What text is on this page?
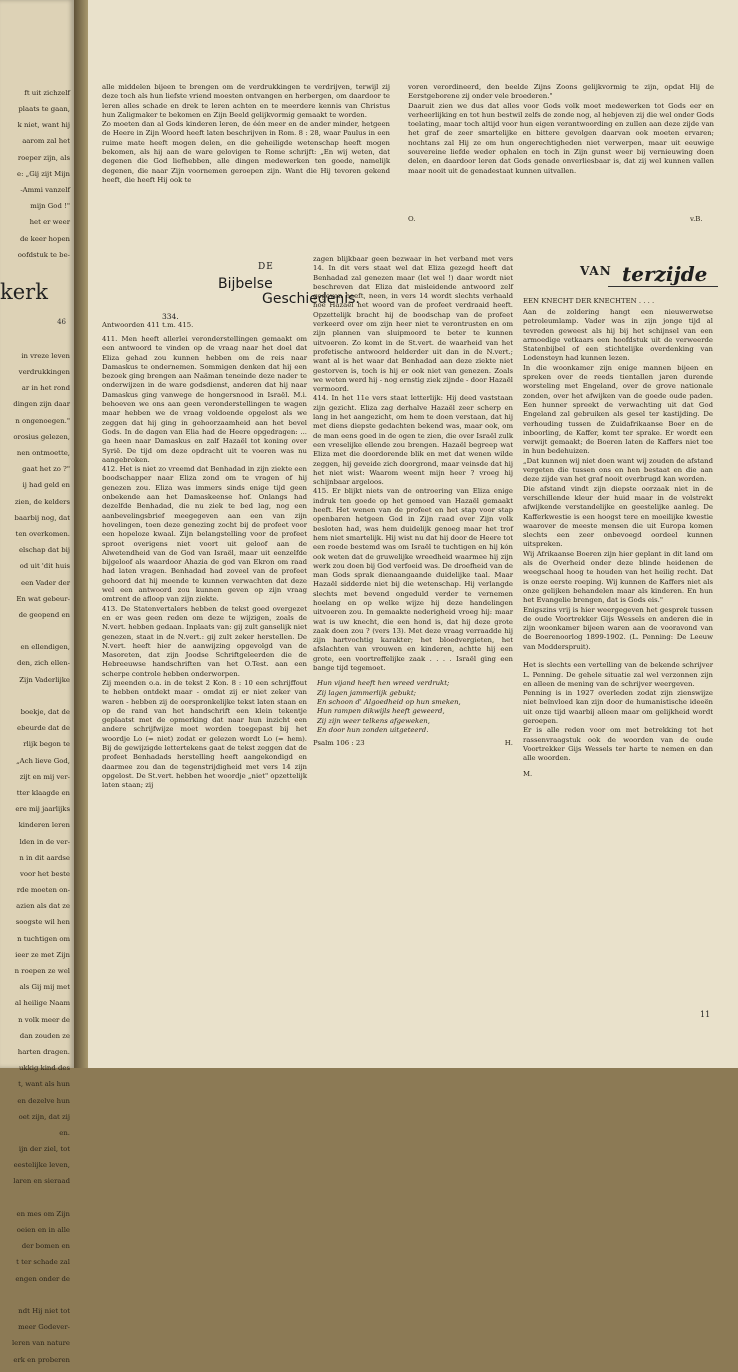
ft uit zichzelf

plaats te gaan,

k niet, want hij

aarom zal het

roeper zijn, als

e: „Gij zijt Mijn

-Ammi vanzelf

mijn God !"

het er weer

de keer hopen

oofdstuk te be-

kerk
46

in vreze leven

verdrukkingen

ar in het rond

dingen zijn daar

n ongenoegen."

orosius gelezen,

nen ontmoette,

gaat het zo ?"

ij had geld en

zien, de kelders

baarbij nog, dat

ten overkomen.

elschap dat bij

od uit 'dit huis

een Vader der

En wat gebeur-

de geopend en

en ellendigen,

den, zich ellen-

Zijn Vaderlijke

boekje, dat de

ebeurde dat de

rlijk begon te

„Ach lieve God,

zijt en mij ver-

tter klaagde en

ere mij jaarlijks

kinderen leren

lden in de ver-

n in dit aardse

voor het beste

rde moeten on-

azien als dat ze

soogste wil hen

n tuchtigen om

ieer ze met Zijn

n roepen ze wel

als Gij mij met

al heilige Naam

n volk meer de

dan zouden ze

harten dragen.

ukkig kind des

t, want als hun

en dezelve hun

oet zijn, dat zij

en.

ijn der ziel, tot

eestelijke leven,

laren en sieraad

en mes om Zijn

oeien en in alle

der bomen en

t ter schade zal

engen onder de

ndt Hij niet tot

meer Godever-

leren van nature

erk en proberen

alle middelen bijeen te brengen om de verdrukkingen te verdrijven, terwijl zij deze toch als hun liefste vriend moesten ontvangen en herbergen, om daardoor te leren alles schade en drek te leren achten en te meerdere kennis van Christus hun Zaligmaker te bekomen en Zijn Beeld gelijkvormig gemaakt te worden.

Zo moeten dan al Gods kinderen leren, de één meer en de ander minder, hetgeen de Heere in Zijn Woord heeft laten beschrijven in Rom. 8 : 28, waar Paulus in een ruime mate heeft mogen delen, en die geheiligde wetenschap heeft mogen bekomen, als hij aan de ware gelovigen te Rome schrijft: „En wij weten, dat degenen die God liefhebben, alle dingen medewerken ten goede, namelijk degenen, die naar Zijn voornemen geroepen zijn. Want die Hij tevoren gekend heeft, die heeft Hij ook te

voren verordineerd, den beelde Zijns Zoons gelijkvormig te zijn, opdat Hij de Eerstgeborene zij onder vele broederen."

Daaruit zien we dus dat alles voor Gods volk moet medewerken tot Gods eer en verheerlijking en tot hun bestwil zelfs de zonde nog, al hebjeven zij die wel onder Gods toelating, maar toch altijd voor hun eigen verantwoording en zullen aan deze zijde van het graf de zeer smartelijke en bittere gevolgen daarvan ook moeten ervaren; nochtans zal Hij ze om hun ongerechtigheden niet verwerpen, maar uit eeuwige souvereine liefde weder ophalen en toch in Zijn gunst weer bij vernieuwing doen delen, en daardoor leren dat Gods genade onverliesbaar is, dat zij wel kunnen vallen maar nooit uit de genadestaat kunnen uitvallen.

O.	v.B.
DE
Bijbelse
Geschiedenis.
334.
Antwoorden 411 t.m. 415.

411. Men heeft allerlei veronderstellingen gemaakt om een antwoord te vinden op de vraag naar het doel dat Eliza gehad zou kunnen hebben om de reis naar Damaskus te ondernemen. Sommigen denken dat hij een bezoek ging brengen aan Naäman teneinde deze nader te onderwijzen in de ware godsdienst, anderen dat hij naar Damaskus ging vanwege de hongersnood in Israël. M.i. behoeven we ons aan geen veronderstellingen te wagen maar hebben we de vraag voldoende opgelost als we zeggen dat hij ging in gehoorzaamheid aan het bevel Gods. In de dagen van Elia had de Heere opgedragen: ... ga heen naar Damaskus en zalf Hazaël tot koning over Syrië. De tijd om deze opdracht uit te voeren was nu aangebroken.

412. Het is niet zo vreemd dat Benhadad in zijn ziekte een boodschapper naar Eliza zond om te vragen of hij genezen zou. Eliza was immers sinds enige tijd geen onbekende aan het Damaskeense hof. Onlangs had dezelfde Benhadad, die nu ziek te bed lag, nog een aanbevelingsbrief meegegeven aan een van zijn hovelingen, toen deze genezing zocht bij de profeet voor een hopeloze kwaal. Zijn belangstelling voor de profeet sproot overigens niet voort uit geloof aan de Alwetendheid van de God van Israël, maar uit eenzelfde bijgeloof als waardoor Ahazia de god van Ekron om raad had laten vragen. Benhadad had zoveel van de profeet gehoord dat hij meende te kunnen verwachten dat deze wel een antwoord zou kunnen geven op zijn vraag omtrent de afloop van zijn ziekte.

413. De Statenvertalers hebben de tekst goed overgezet en er was geen reden om deze te wijzigen, zoals de N.vert. hebben gedaan. Inplaats van: gij zult ganselijk niet genezen, staat in de N.vert.: gij zult zeker herstellen. De N.vert. heeft hier de aanwijzing opgevolgd van de Masoreten, dat zijn Joodse Schriftgeleerden die de Hebreeuwse handschriften van het O.Test. aan een scherpe controle hebben onderworpen.

Zij meenden o.a. in de tekst 2 Kon. 8 : 10 een schrijffout te hebben ontdekt maar - omdat zij er niet zeker van waren - hebben zij de oorspronkelijke tekst laten staan en op de rand van het handschrift een klein tekentje geplaatst met de opmerking dat naar hun inzicht een andere schrijfwijze moet worden toegepast bij het woordje Lo (= niet) zodat er gelezen wordt Lo (= hem). Bij de gewijzigde lettertekens gaat de tekst zeggen dat de profeet Benhadads herstelling heeft aangekondigd en daarmee zou dan de tegenstrijdigheid met vers 14 zijn opgelost. De St.vert. hebben het woordje „niet" opzettelijk laten staan; zij

zagen blijkbaar geen bezwaar in het verband met vers 14. In dit vers staat wel dat Eliza gezegd heeft dat Benhadad zal genezen maar (let wel !) daar wordt niet beschreven dat Eliza dat misleidende antwoord zelf gegeven heeft, neen, in vers 14 wordt slechts verhaald hoe Hazaël het woord van de profeet verdraaid heeft. Opzettelijk bracht hij de boodschap van de profeet verkeerd over om zijn heer niet te verontrusten en om zijn plannen van sluipmoord te beter te kunnen uitvoeren. Zo komt in de St.vert. de waarheid van het profetische antwoord helderder uit dan in de N.vert.; want al is het waar dat Benhadad aan deze ziekte niet gestorven is, toch is hij er ook niet van genezen. Zoals we weten werd hij - nog ernstig ziek zijnde - door Hazaël vermoord.

414. In het 11e vers staat letterlijk: Hij deed vaststaan zijn gezicht. Eliza zag derhalve Hazaël zeer scherp en lang in het aangezicht, om hem te doen verstaan, dat hij met diens diepste gedachten bekend was, maar ook, om de man eens goed in de ogen te zien, die over Israël zulk een vreselijke ellende zou brengen. Hazaël begreep wat Eliza met die doordorende blik en met dat wenen wilde zeggen, hij geveide zich doorgrond, maar veinsde dat hij het niet wist: Waarom weent mijn heer ? vroeg hij schijnbaar argeloos.

415. Er blijkt niets van de ontroering van Eliza enige indruk ten goede op het gemoed van Hazaël gemaakt heeft. Het wenen van de profeet en het stap voor stap openbaren hetgeen God in Zijn raad over Zijn volk besloten had, was hem duidelijk genoeg maar het trof hem niet smartelijk. Hij wist nu dat hij door de Heere tot een roede bestemd was om Israël te tuchtigen en hij kón ook weten dat de gruwelijke wreedheid waarmee hij zijn werk zou doen bij God verfoeid was. De droefheid van de man Gods sprak dienaangaande duidelijke taal. Maar Hazaël sidderde niet bij die wetenschap. Hij verlangde slechts met bevend ongeduld verder te vernemen hoelang en op welke wijze hij deze handelingen uitvoeren zou. In gemaakte nederigheid vroeg hij: maar wat is uw knecht, die een hond is, dat hij deze grote zaak doen zou ? (vers 13). Met deze vraag verraadde hij zijn hartvochtig karakter; het bloedvergieten, het afslachten van vrouwen en kinderen, achtte hij een grote, een voortreffelijke zaak . . . . Israël ging een bange tijd tegemoet.

Hun vijand heeft hen wreed verdrukt;
Zij lagen jammerlijk gebukt;
En schoon d' Algoedheid op hun smeken,
Hun rampen dikwijls heeft geweerd,
Zij zijn weer telkens afgeweken,
En door hun zonden uitgeteerd.
Psalm 106 : 23	H.
VAN terzijde
EEN KNECHT DER KNECHTEN . . . .

Aan de zoldering hangt een nieuwerwetse petroleumlamp. Vader was in zijn jonge tijd al tevreden geweest als hij bij het schijnsel van een armoedige vetkaars een hoofdstuk uit de verweerde Statenbijbel of een stichtelijke overdenking van Lodensteyn had kunnen lezen.

In die woonkamer zijn enige mannen bijeen en spreken over de reeds tientallen jaren durende worsteling met Engeland, over de grove nationale zonden, over het afwijken van de goede oude paden. Een hunner spreekt de verwachting uit dat God Engeland zal gebruiken als gesel ter kastijding. De verhouding tussen de Zuidafrikaanse Boer en de inboorling, de Kaffer, komt ter sprake. Er wordt een verwijt gemaakt; de Boeren laten de Kaffers niet toe in hun bedehuizen.

„Dat kunnen wij niet doen want wij zouden de afstand vergeten die tussen ons en hen bestaat en die aan deze zijde van het graf nooit overbrugd kan worden.

Die afstand vindt zijn diepste oorzaak niet in de verschillende kleur der huid maar in de volstrekt afwijkende verstandelijke en geestelijke aanleg. De Kafferkwestie is een hoogst tere en moeilijke kwestie waarover de meeste mensen die uit Europa komen slechts een zeer onbevoegd oordeel kunnen uitspreken.

Wij Afrikaanse Boeren zijn hier geplant in dit land om als de Overheid onder deze blinde heidenen de weegschaal hoog te houden van het heilig recht. Dat is onze eerste roeping. Wij kunnen de Kaffers niet als onze gelijken behandelen maar als kinderen. En hun het Evangelie brengen, dat is Gods eis."

Enigszins vrij is hier weergegeven het gesprek tussen de oude Voortrekker Gijs Wessels en anderen die in zijn woonkamer bijeen waren aan de vooravond van de Boerenoorlog 1899-1902. (L. Penning: De Leeuw van Modderspruit).

Het is slechts een vertelling van de bekende schrijver L. Penning. De gehele situatie zal wel verzonnen zijn en alleen de mening van de schrijver weergeven.

Penning is in 1927 overleden zodat zijn zienswijze niet beïnvloed kan zijn door de humanistische ideeën uit onze tijd waarbij alleen maar om gelijkheid wordt geroepen.

Er is alle reden voor om met betrekking tot het rassenvraagstuk ook de woorden van de oude Voortrekker Gijs Wessels ter harte te nemen en dan alle woorden.

M.

11
